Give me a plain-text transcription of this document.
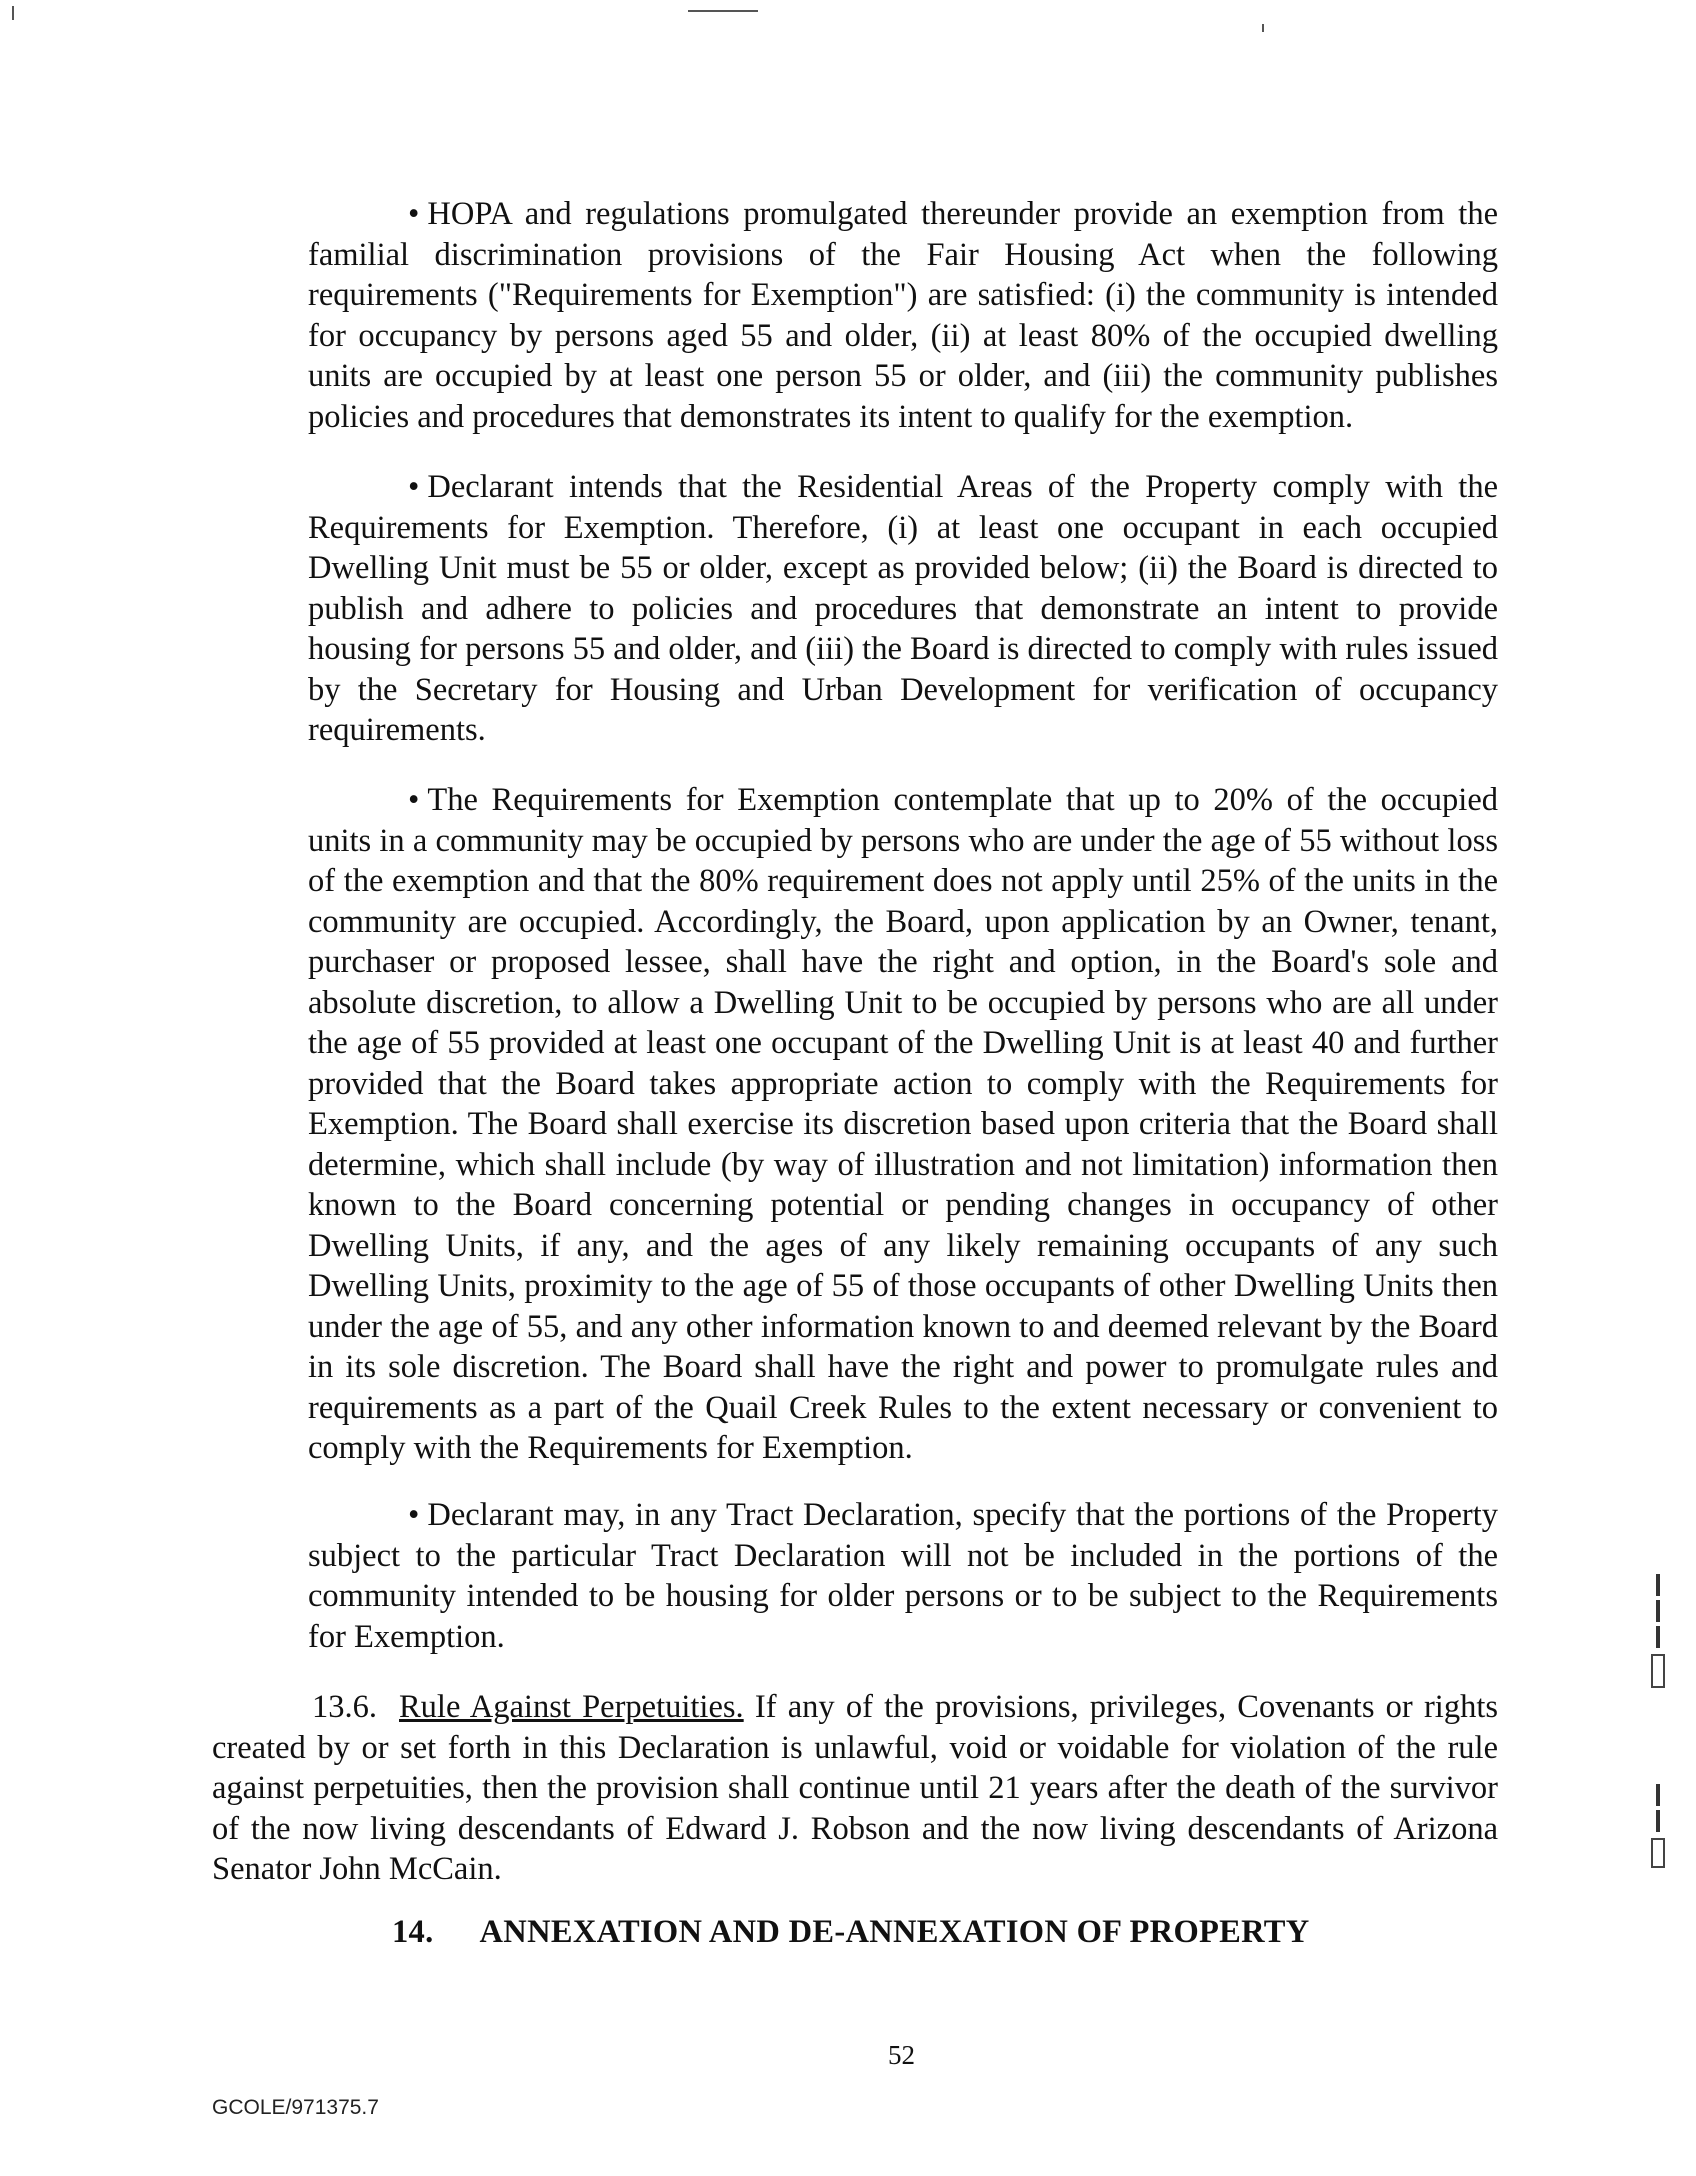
• HOPA and regulations promulgated thereunder provide an exemption from the familial discrimination provisions of the Fair Housing Act when the following requirements ("Requirements for Exemption") are satisfied: (i) the community is intended for occupancy by persons aged 55 and older, (ii) at least 80% of the occupied dwelling units are occupied by at least one person 55 or older, and (iii) the community publishes policies and procedures that demonstrates its intent to qualify for the exemption.
• Declarant intends that the Residential Areas of the Property comply with the Requirements for Exemption. Therefore, (i) at least one occupant in each occupied Dwelling Unit must be 55 or older, except as provided below; (ii) the Board is directed to publish and adhere to policies and procedures that demonstrate an intent to provide housing for persons 55 and older, and (iii) the Board is directed to comply with rules issued by the Secretary for Housing and Urban Development for verification of occupancy requirements.
• The Requirements for Exemption contemplate that up to 20% of the occupied units in a community may be occupied by persons who are under the age of 55 without loss of the exemption and that the 80% requirement does not apply until 25% of the units in the community are occupied. Accordingly, the Board, upon application by an Owner, tenant, purchaser or proposed lessee, shall have the right and option, in the Board's sole and absolute discretion, to allow a Dwelling Unit to be occupied by persons who are all under the age of 55 provided at least one occupant of the Dwelling Unit is at least 40 and further provided that the Board takes appropriate action to comply with the Requirements for Exemption. The Board shall exercise its discretion based upon criteria that the Board shall determine, which shall include (by way of illustration and not limitation) information then known to the Board concerning potential or pending changes in occupancy of other Dwelling Units, if any, and the ages of any likely remaining occupants of any such Dwelling Units, proximity to the age of 55 of those occupants of other Dwelling Units then under the age of 55, and any other information known to and deemed relevant by the Board in its sole discretion. The Board shall have the right and power to promulgate rules and requirements as a part of the Quail Creek Rules to the extent necessary or convenient to comply with the Requirements for Exemption.
• Declarant may, in any Tract Declaration, specify that the portions of the Property subject to the particular Tract Declaration will not be included in the portions of the community intended to be housing for older persons or to be subject to the Requirements for Exemption.
13.6. Rule Against Perpetuities. If any of the provisions, privileges, Covenants or rights created by or set forth in this Declaration is unlawful, void or voidable for violation of the rule against perpetuities, then the provision shall continue until 21 years after the death of the survivor of the now living descendants of Edward J. Robson and the now living descendants of Arizona Senator John McCain.
14. ANNEXATION AND DE-ANNEXATION OF PROPERTY
52
GCOLE/971375.7
